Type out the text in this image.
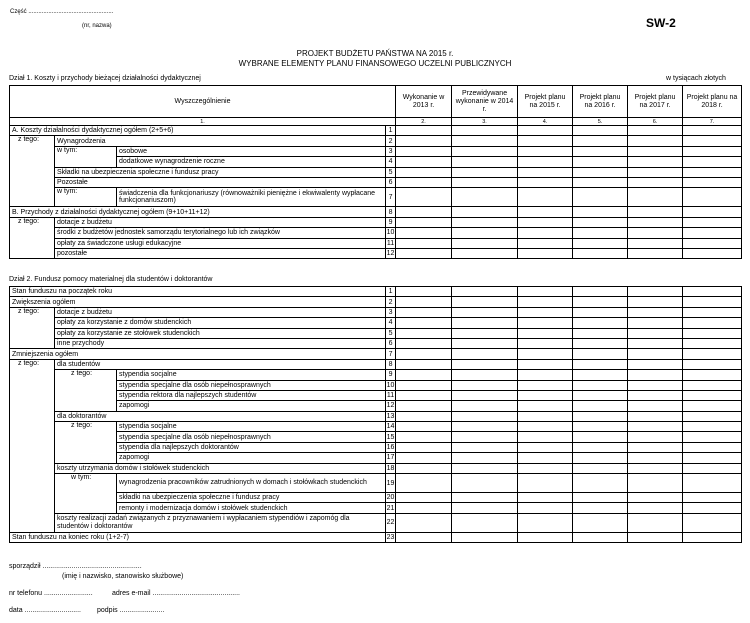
Część ...................................................
(nr, nazwa)	SW-2
PROJEKT BUDŻETU PAŃSTWA NA 2015 r.
WYBRANE ELEMENTY PLANU FINANSOWEGO UCZELNI PUBLICZNYCH
Dział 1. Koszty i przychody bieżącej działalności dydaktycznej	w tysiącach złotych
Wyszczególnienie				Wykonanie w 2013 r.	Przewidywane wykonanie w 2014 r.	Projekt planu na 2015 r.	Projekt planu na 2016 r.	Projekt planu na 2017 r.	Projekt planu na 2018 r.
1.				2.	3.	4.	5.	6.	7.
A. Koszty działalności dydaktycznej ogółem (2+5+6)			1						
z tego:	Wynagrodzenia		2						
	w tym:	osobowe	3						
		dodatkowe wynagrodzenie roczne	4						
	Składki na ubezpieczenia społeczne i fundusz pracy		5						
	Pozostałe		6						
	w tym:	świadczenia dla funkcjonariuszy (równoważniki pieniężne i ekwiwalenty wypłacane funkcjonariuszom)	7						
B. Przychody z działalności dydaktycznej ogółem (9+10+11+12)			8						
z tego:	dotacje z budżetu		9						
	środki z budżetów jednostek samorządu terytorialnego lub ich związków		10						
	opłaty za świadczone usługi edukacyjne		11						
	pozostałe		12						
Dział 2. Fundusz pomocy materialnej dla studentów i doktorantów
Stan funduszu na początek roku			1						
Zwiększenia ogółem			2						
z tego:	dotacje z budżetu		3						
	opłaty za korzystanie z domów studenckich		4						
	opłaty za korzystanie ze stołówek studenckich		5						
	inne przychody		6						
Zmniejszenia ogółem			7						
z tego:	dla studentów		8						
	z tego:	stypendia socjalne	9						
		stypendia specjalne dla osób niepełnosprawnych	10						
		stypendia rektora dla najlepszych studentów	11						
		zapomogi	12						
	dla doktorantów		13						
	z tego:	stypendia socjalne	14						
		stypendia specjalne dla osób niepełnosprawnych	15						
		stypendia dla najlepszych doktorantów	16						
		zapomogi	17						
	koszty utrzymania domów i stołówek studenckich		18						
	w tym:	wynagrodzenia pracowników zatrudnionych w domach i stołówkach studenckich	19						
		składki na ubezpieczenia społeczne i fundusz pracy	20						
		remonty i modernizacja domów i stołówek studenckich	21						
	koszty realizacji zadań związanych z przyznawaniem i wypłacaniem stypendiów i zapomóg dla studentów i doktorantów		22						
Stan funduszu na koniec roku (1+2-7)			23						
sporządził ...................................................
(imię i nazwisko, stanowisko służbowe)
nr telefonu .........................	adres e-mail .............................................
data ............................. podpis .......................
